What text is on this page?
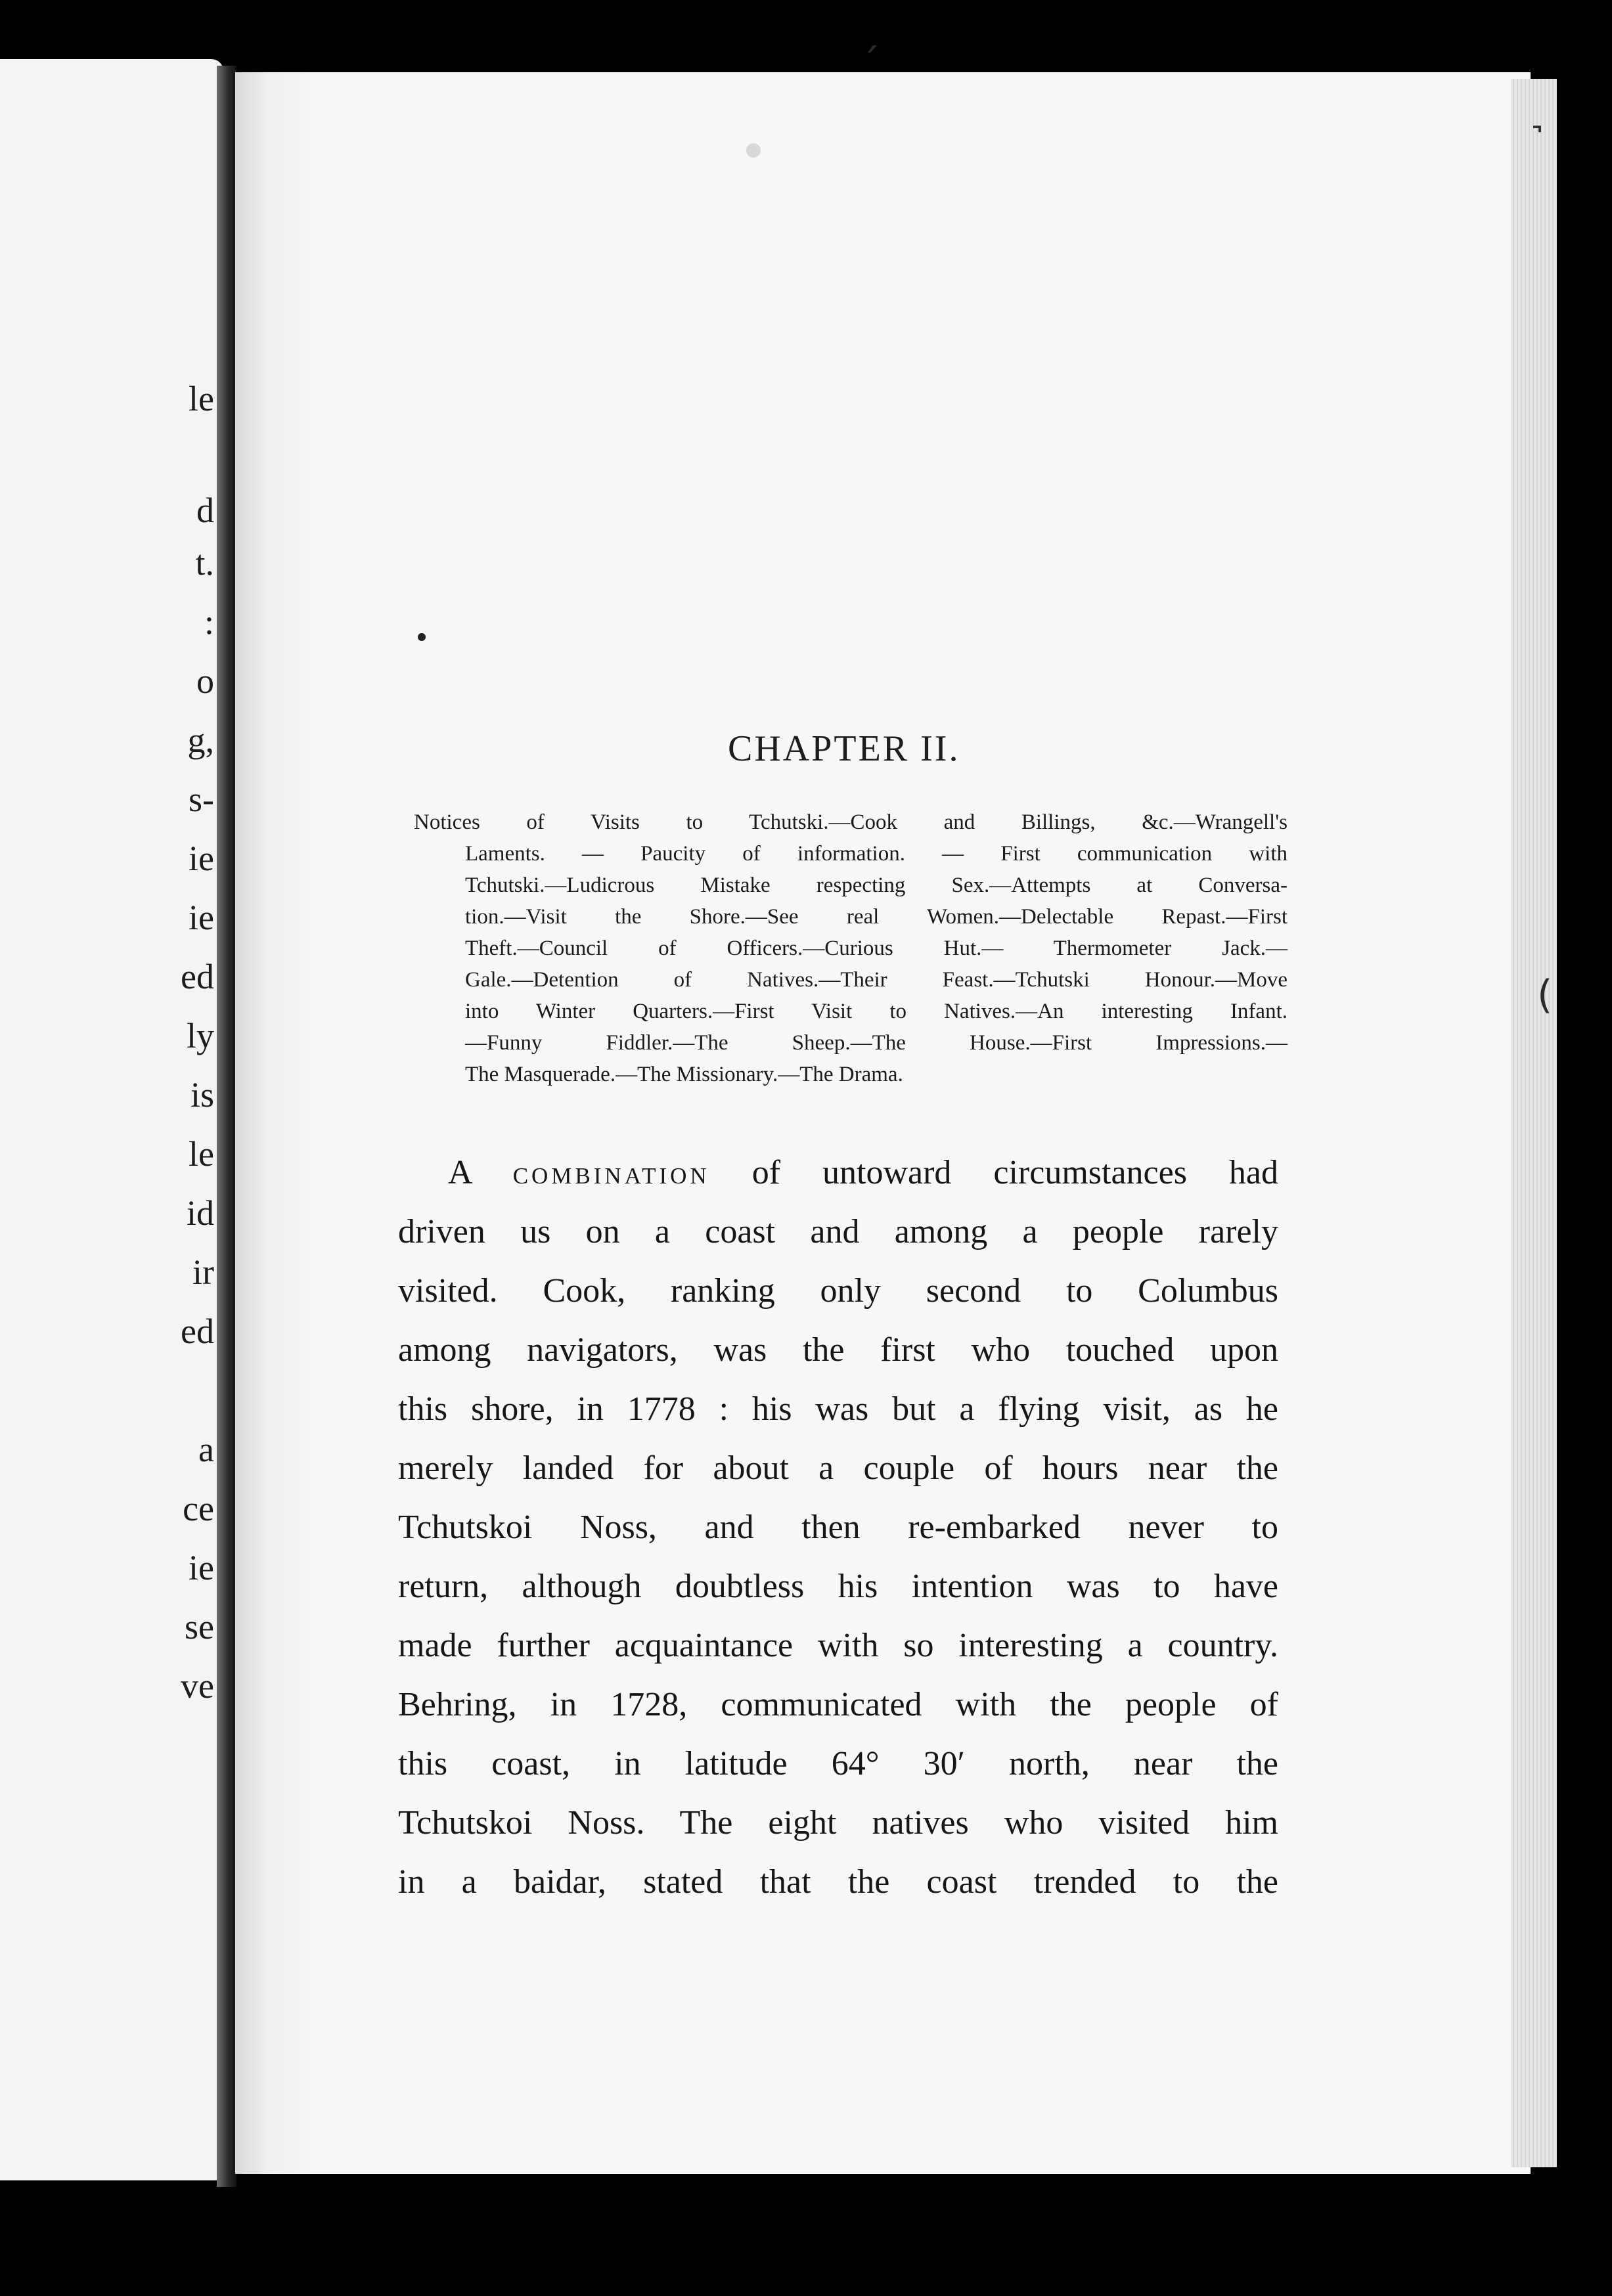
le
d
t.
:
o
g,
s-
ie
ie
ed
ly
is
le
id
ir
ed
a
ce
ie
se
ve
ˊ
˺
(
CHAPTER II.
Notices of Visits to Tchutski.—Cook and Billings, &c.—Wrangell's
Laments. — Paucity of information. — First communication with
Tchutski.—Ludicrous Mistake respecting Sex.—Attempts at Conversa-
tion.—Visit the Shore.—See real Women.—Delectable Repast.—First
Theft.—Council of Officers.—Curious Hut.— Thermometer Jack.—
Gale.—Detention of Natives.—Their Feast.—Tchutski Honour.—Move
into Winter Quarters.—First Visit to Natives.—An interesting Infant.
—Funny Fiddler.—The Sheep.—The House.—First Impressions.—
The Masquerade.—The Missionary.—The Drama.
A combination of untoward circumstances had
driven us on a coast and among a people rarely
visited. Cook, ranking only second to Columbus
among navigators, was the first who touched upon
this shore, in 1778 : his was but a flying visit, as he
merely landed for about a couple of hours near the
Tchutskoi Noss, and then re-embarked never to
return, although doubtless his intention was to have
made further acquaintance with so interesting a country.
Behring, in 1728, communicated with the people of
this coast, in latitude 64° 30′ north, near the
Tchutskoi Noss. The eight natives who visited him
in a baidar, stated that the coast trended to the
